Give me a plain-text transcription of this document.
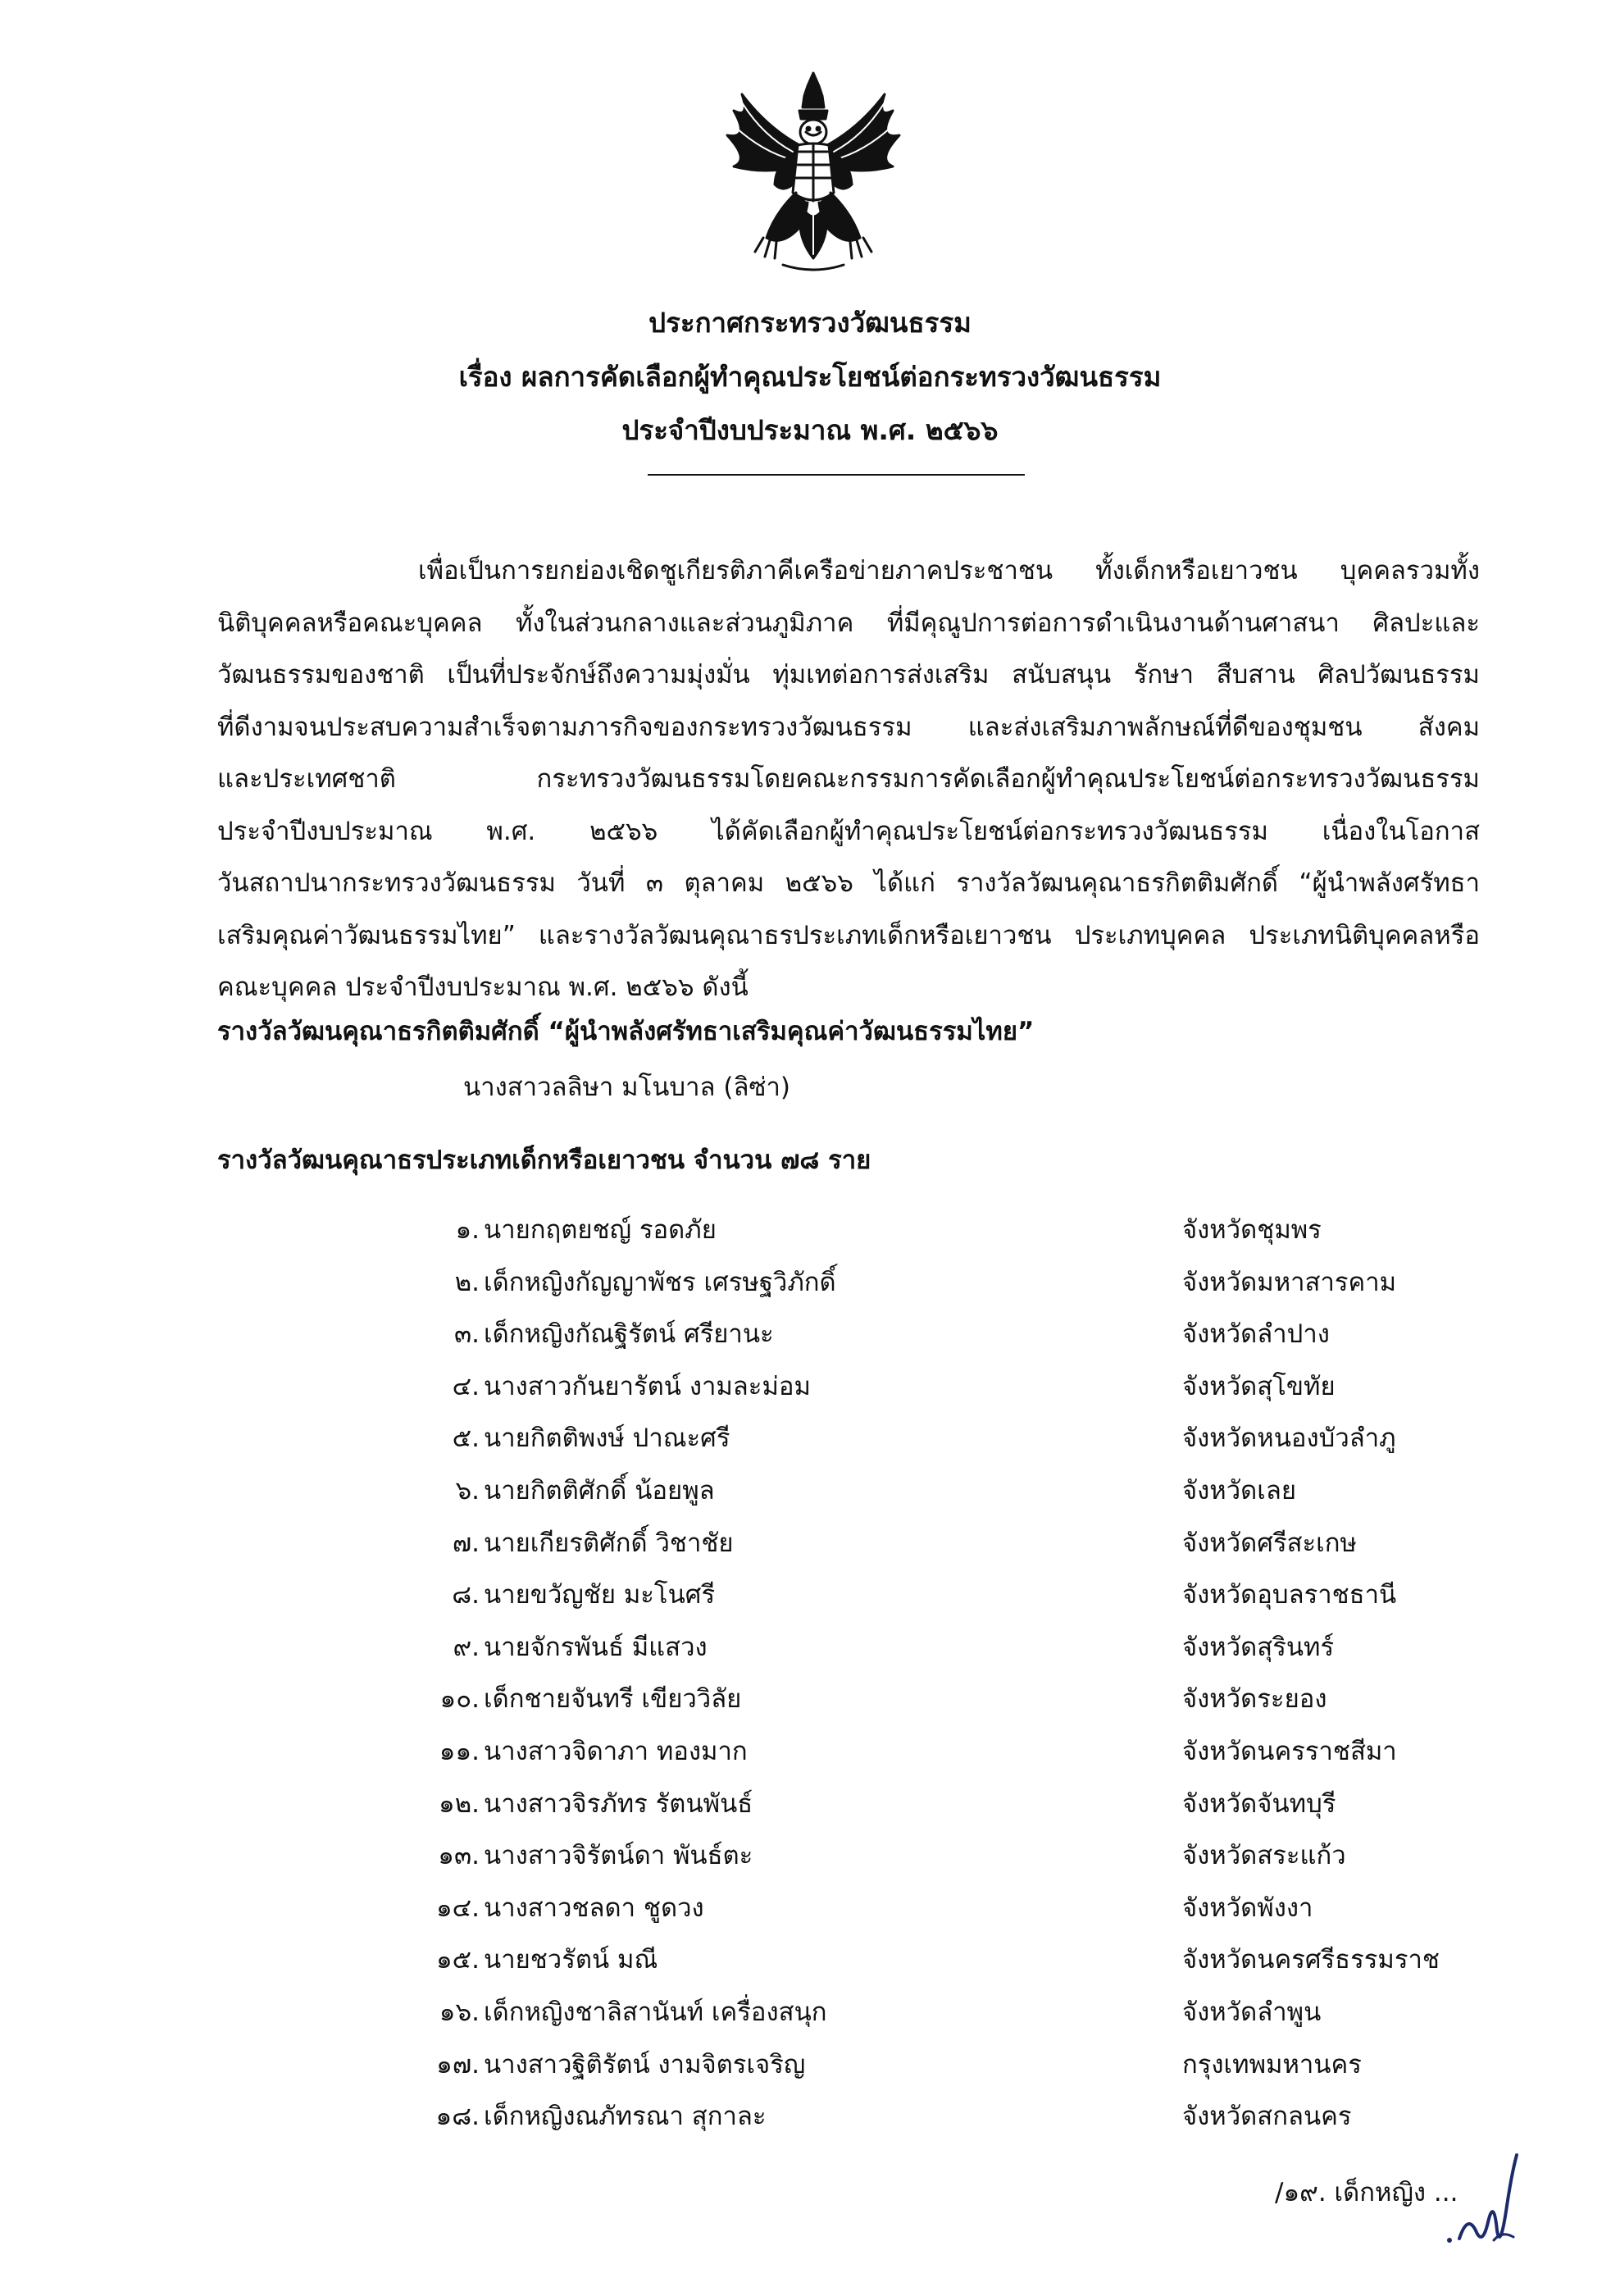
ประกาศกระทรวงวัฒนธรรม
เรื่อง ผลการคัดเลือกผู้ทำคุณประโยชน์ต่อกระทรวงวัฒนธรรม
ประจำปีงบประมาณ พ.ศ. ๒๕๖๖
เพื่อเป็นการยกย่องเชิดชูเกียรติภาคีเครือข่ายภาคประชาชน ทั้งเด็กหรือเยาวชน บุคคลรวมทั้ง
นิติบุคคลหรือคณะบุคคล ทั้งในส่วนกลางและส่วนภูมิภาค ที่มีคุณูปการต่อการดำเนินงานด้านศาสนา ศิลปะและ
วัฒนธรรมของชาติ เป็นที่ประจักษ์ถึงความมุ่งมั่น ทุ่มเทต่อการส่งเสริม สนับสนุน รักษา สืบสาน ศิลปวัฒนธรรม
ที่ดีงามจนประสบความสำเร็จตามภารกิจของกระทรวงวัฒนธรรม และส่งเสริมภาพลักษณ์ที่ดีของชุมชน สังคม
และประเทศชาติ กระทรวงวัฒนธรรมโดยคณะกรรมการคัดเลือกผู้ทำคุณประโยชน์ต่อกระทรวงวัฒนธรรม
ประจำปีงบประมาณ พ.ศ. ๒๕๖๖ ได้คัดเลือกผู้ทำคุณประโยชน์ต่อกระทรวงวัฒนธรรม เนื่องในโอกาส
วันสถาปนากระทรวงวัฒนธรรม วันที่ ๓ ตุลาคม ๒๕๖๖ ได้แก่ รางวัลวัฒนคุณาธรกิตติมศักดิ์ “ผู้นำพลังศรัทธา
เสริมคุณค่าวัฒนธรรมไทย” และรางวัลวัฒนคุณาธรประเภทเด็กหรือเยาวชน ประเภทบุคคล ประเภทนิติบุคคลหรือ
คณะบุคคล ประจำปีงบประมาณ พ.ศ. ๒๕๖๖ ดังนี้
รางวัลวัฒนคุณาธรกิตติมศักดิ์ “ผู้นำพลังศรัทธาเสริมคุณค่าวัฒนธรรมไทย”
นางสาวลลิษา มโนบาล (ลิซ่า)
รางวัลวัฒนคุณาธรประเภทเด็กหรือเยาวชน จำนวน ๗๘ ราย
๑. นายกฤตยชญ์ รอดภัย	จังหวัดชุมพร
๒. เด็กหญิงกัญญาพัชร เศรษฐวิภักดิ์	จังหวัดมหาสารคาม
๓. เด็กหญิงกัณฐิรัตน์ ศรียานะ	จังหวัดลำปาง
๔. นางสาวกันยารัตน์ งามละม่อม	จังหวัดสุโขทัย
๕. นายกิตติพงษ์ ปาณะศรี	จังหวัดหนองบัวลำภู
๖. นายกิตติศักดิ์ น้อยพูล	จังหวัดเลย
๗. นายเกียรติศักดิ์ วิชาชัย	จังหวัดศรีสะเกษ
๘. นายขวัญชัย มะโนศรี	จังหวัดอุบลราชธานี
๙. นายจักรพันธ์ มีแสวง	จังหวัดสุรินทร์
๑๐. เด็กชายจันทรี เขียววิลัย	จังหวัดระยอง
๑๑. นางสาวจิดาภา ทองมาก	จังหวัดนครราชสีมา
๑๒. นางสาวจิรภัทร รัตนพันธ์	จังหวัดจันทบุรี
๑๓. นางสาวจิรัตน์ดา พันธ์ตะ	จังหวัดสระแก้ว
๑๔. นางสาวชลดา ชูดวง	จังหวัดพังงา
๑๕. นายชวรัตน์ มณี	จังหวัดนครศรีธรรมราช
๑๖. เด็กหญิงชาลิสานันท์ เครื่องสนุก	จังหวัดลำพูน
๑๗. นางสาวฐิติรัตน์ งามจิตรเจริญ	กรุงเทพมหานคร
๑๘. เด็กหญิงณภัทรณา สุกาละ	จังหวัดสกลนคร
/๑๙. เด็กหญิง ...
